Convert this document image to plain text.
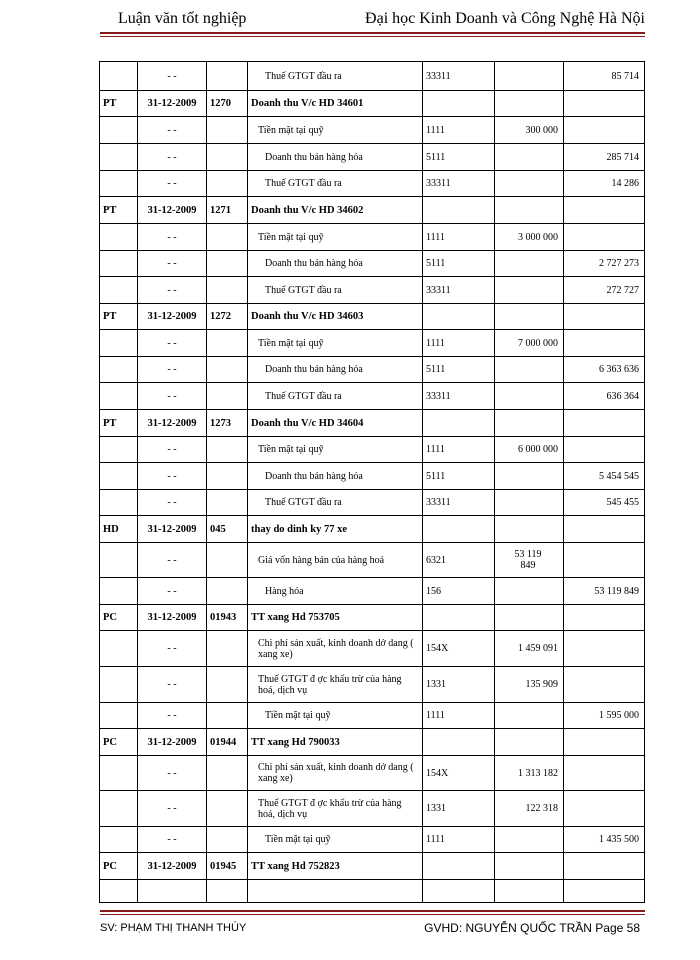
Luận văn tốt nghiệp	Đại học Kinh Doanh và Công Nghệ Hà Nội
	- -		Thuế GTGT đầu ra	33311		85 714
PT	31-12-2009	1270	Doanh thu V/c HD 34601			
	- -		Tiền mặt tại quỹ	1111	300 000	
	- -		Doanh thu bán hàng hóa	5111		285 714
	- -		Thuế GTGT đầu ra	33311		14 286
PT	31-12-2009	1271	Doanh thu V/c HD 34602			
	- -		Tiền mặt tại quỹ	1111	3 000 000	
	- -		Doanh thu bán hàng hóa	5111		2 727 273
	- -		Thuế GTGT đầu ra	33311		272 727
PT	31-12-2009	1272	Doanh thu V/c HD 34603			
	- -		Tiền mặt tại quỹ	1111	7 000 000	
	- -		Doanh thu bán hàng hóa	5111		6 363 636
	- -		Thuế GTGT đầu ra	33311		636 364
PT	31-12-2009	1273	Doanh thu V/c HD 34604			
	- -		Tiền mặt tại quỹ	1111	6 000 000	
	- -		Doanh thu bán hàng hóa	5111		5 454 545
	- -		Thuế GTGT đầu ra	33311		545 455
HD	31-12-2009	045	thay do dinh ky 77 xe			
	- -		Giá vốn hàng bán của hàng hoá	6321	53 119
849	
	- -		Hàng hóa	156		53 119 849
PC	31-12-2009	01943	TT xang Hd 753705			
	- -		Chi phí sản xuất, kinh doanh dở dang ( xang xe)	154X	1 459 091	
	- -		Thuế GTGT đ ợc khấu trừ của hàng hoá, dịch vụ	1331	135 909	
	- -		Tiền mặt tại quỹ	1111		1 595 000
PC	31-12-2009	01944	TT xang Hd 790033			
	- -		Chi phí sản xuất, kinh doanh dở dang ( xang xe)	154X	1 313 182	
	- -		Thuế GTGT đ ợc khấu trừ của hàng hoá, dịch vụ	1331	122 318	
	- -		Tiền mặt tại quỹ	1111		1 435 500
PC	31-12-2009	01945	TT xang Hd 752823			

SV: PHẠM THỊ THANH THÚY	GVHD: NGUYỄN QUỐC TRẦN Page 58
